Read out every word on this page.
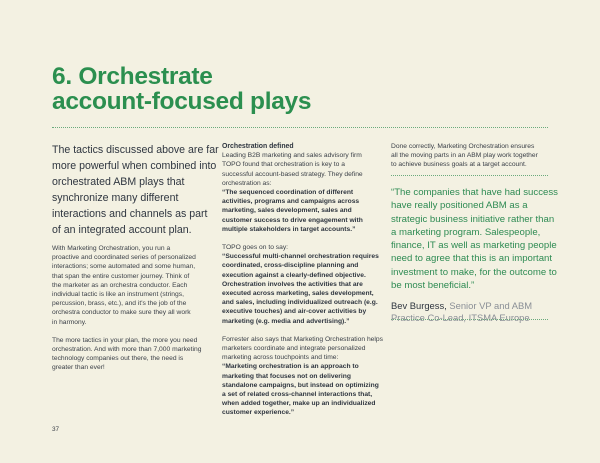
6. Orchestrate
account-focused plays
The tactics discussed above are far
more powerful when combined into
orchestrated ABM plays that
synchronize many different
interactions and channels as part
of an integrated account plan.
With Marketing Orchestration, you run a
proactive and coordinated series of personalized
interactions; some automated and some human,
that span the entire customer journey. Think of
the marketer as an orchestra conductor. Each
individual tactic is like an instrument (strings,
percussion, brass, etc.), and it's the job of the
orchestra conductor to make sure they all work
in harmony.
The more tactics in your plan, the more you need
orchestration. And with more than 7,000 marketing
technology companies out there, the need is
greater than ever!
Orchestration defined
Leading B2B marketing and sales advisory firm
TOPO found that orchestration is key to a
successful account-based strategy. They define
orchestration as:
“The sequenced coordination of different
activities, programs and campaigns across
marketing, sales development, sales and
customer success to drive engagement with
multiple stakeholders in target accounts.”
TOPO goes on to say:
“Successful multi-channel orchestration requires
coordinated, cross-discipline planning and
execution against a clearly-defined objective.
Orchestration involves the activities that are
executed across marketing, sales development,
and sales, including individualized outreach (e.g.
executive touches) and air-cover activities by
marketing (e.g. media and advertising).”
Forrester also says that Marketing Orchestration helps
marketers coordinate and integrate personalized
marketing across touchpoints and time:
“Marketing orchestration is an approach to
marketing that focuses not on delivering
standalone campaigns, but instead on optimizing
a set of related cross-channel interactions that,
when added together, make up an individualized
customer experience.”
Done correctly, Marketing Orchestration ensures
all the moving parts in an ABM play work together
to achieve business goals at a target account.
“The companies that have had success
have really positioned ABM as a
strategic business initiative rather than
a marketing program. Salespeople,
finance, IT as well as marketing people
need to agree that this is an important
investment to make, for the outcome to
be most beneficial.”
Bev Burgess, Senior VP and ABM
Practice Co-Lead, ITSMA Europe
37
